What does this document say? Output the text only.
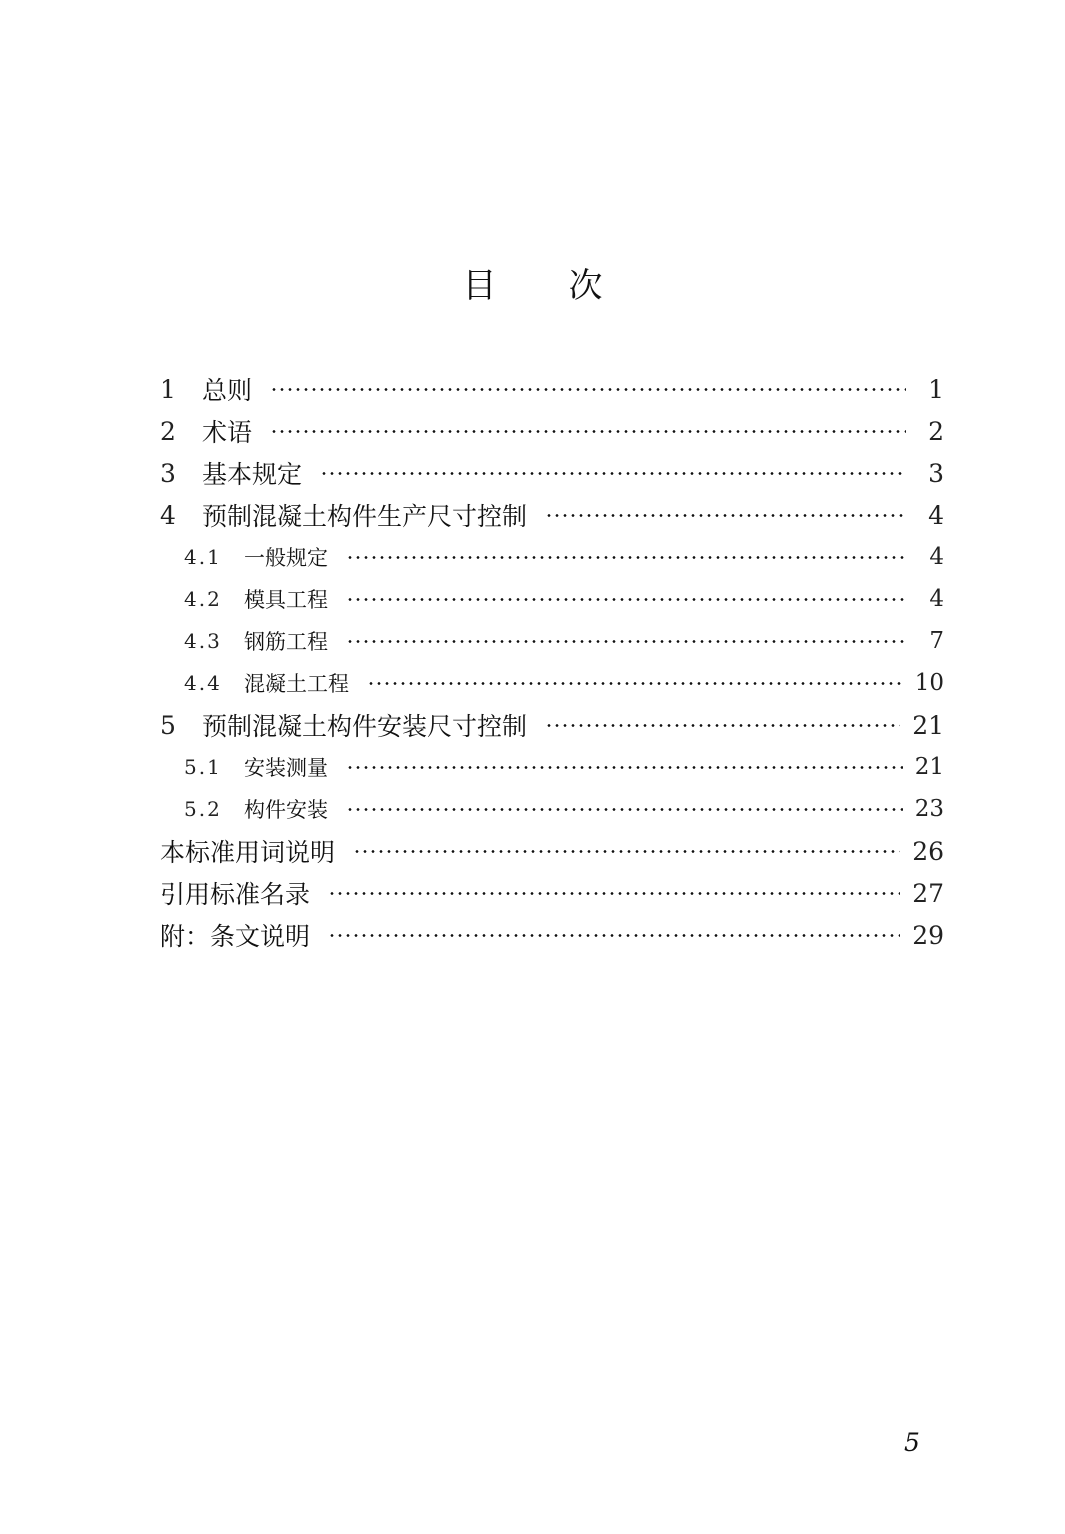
目 次
1	总则	1
2	术语	2
3	基本规定	3
4	预制混凝土构件生产尺寸控制	4
4.1	一般规定	4
4.2	模具工程	4
4.3	钢筋工程	7
4.4	混凝土工程	10
5	预制混凝土构件安装尺寸控制	21
5.1	安装测量	21
5.2	构件安装	23
本标准用词说明	26
引用标准名录	27
附：条文说明	29
5
